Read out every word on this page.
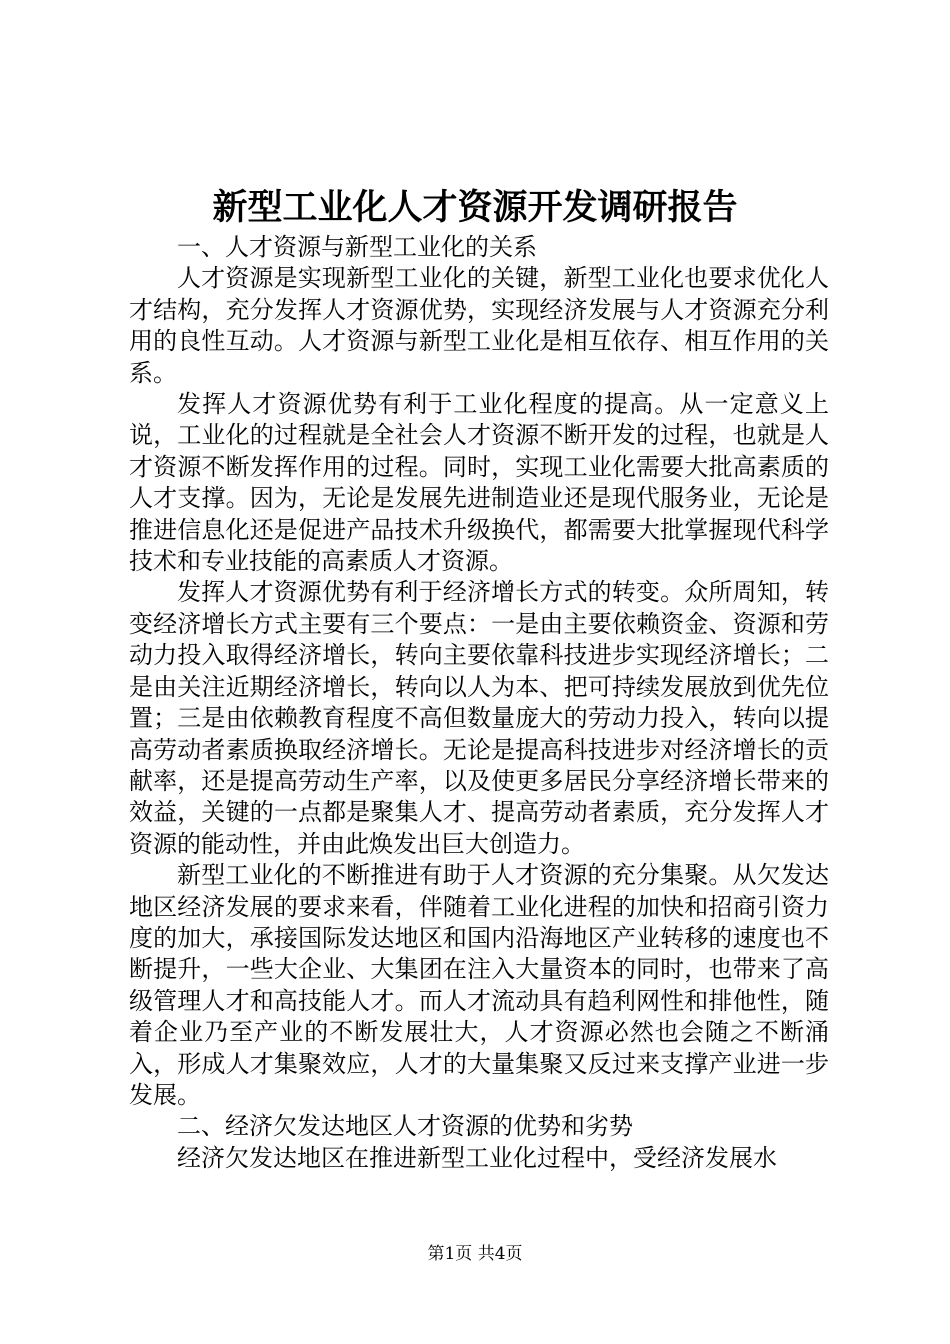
新型工业化人才资源开发调研报告

一、人才资源与新型工业化的关系

人才资源是实现新型工业化的关键，新型工业化也要求优化人才结构，充分发挥人才资源优势，实现经济发展与人才资源充分利用的良性互动。人才资源与新型工业化是相互依存、相互作用的关系。

发挥人才资源优势有利于工业化程度的提高。从一定意义上说，工业化的过程就是全社会人才资源不断开发的过程，也就是人才资源不断发挥作用的过程。同时，实现工业化需要大批高素质的人才支撑。因为，无论是发展先进制造业还是现代服务业，无论是推进信息化还是促进产品技术升级换代，都需要大批掌握现代科学技术和专业技能的高素质人才资源。

发挥人才资源优势有利于经济增长方式的转变。众所周知，转变经济增长方式主要有三个要点：一是由主要依赖资金、资源和劳动力投入取得经济增长，转向主要依靠科技进步实现经济增长；二是由关注近期经济增长，转向以人为本、把可持续发展放到优先位置；三是由依赖教育程度不高但数量庞大的劳动力投入，转向以提高劳动者素质换取经济增长。无论是提高科技进步对经济增长的贡献率，还是提高劳动生产率，以及使更多居民分享经济增长带来的效益，关键的一点都是聚集人才、提高劳动者素质，充分发挥人才资源的能动性，并由此焕发出巨大创造力。

新型工业化的不断推进有助于人才资源的充分集聚。从欠发达地区经济发展的要求来看，伴随着工业化进程的加快和招商引资力度的加大，承接国际发达地区和国内沿海地区产业转移的速度也不断提升，一些大企业、大集团在注入大量资本的同时，也带来了高级管理人才和高技能人才。而人才流动具有趋利网性和排他性，随着企业乃至产业的不断发展壮大，人才资源必然也会随之不断涌入，形成人才集聚效应，人才的大量集聚又反过来支撑产业进一步发展。

二、经济欠发达地区人才资源的优势和劣势

经济欠发达地区在推进新型工业化过程中，受经济发展水

第1页 共4页
